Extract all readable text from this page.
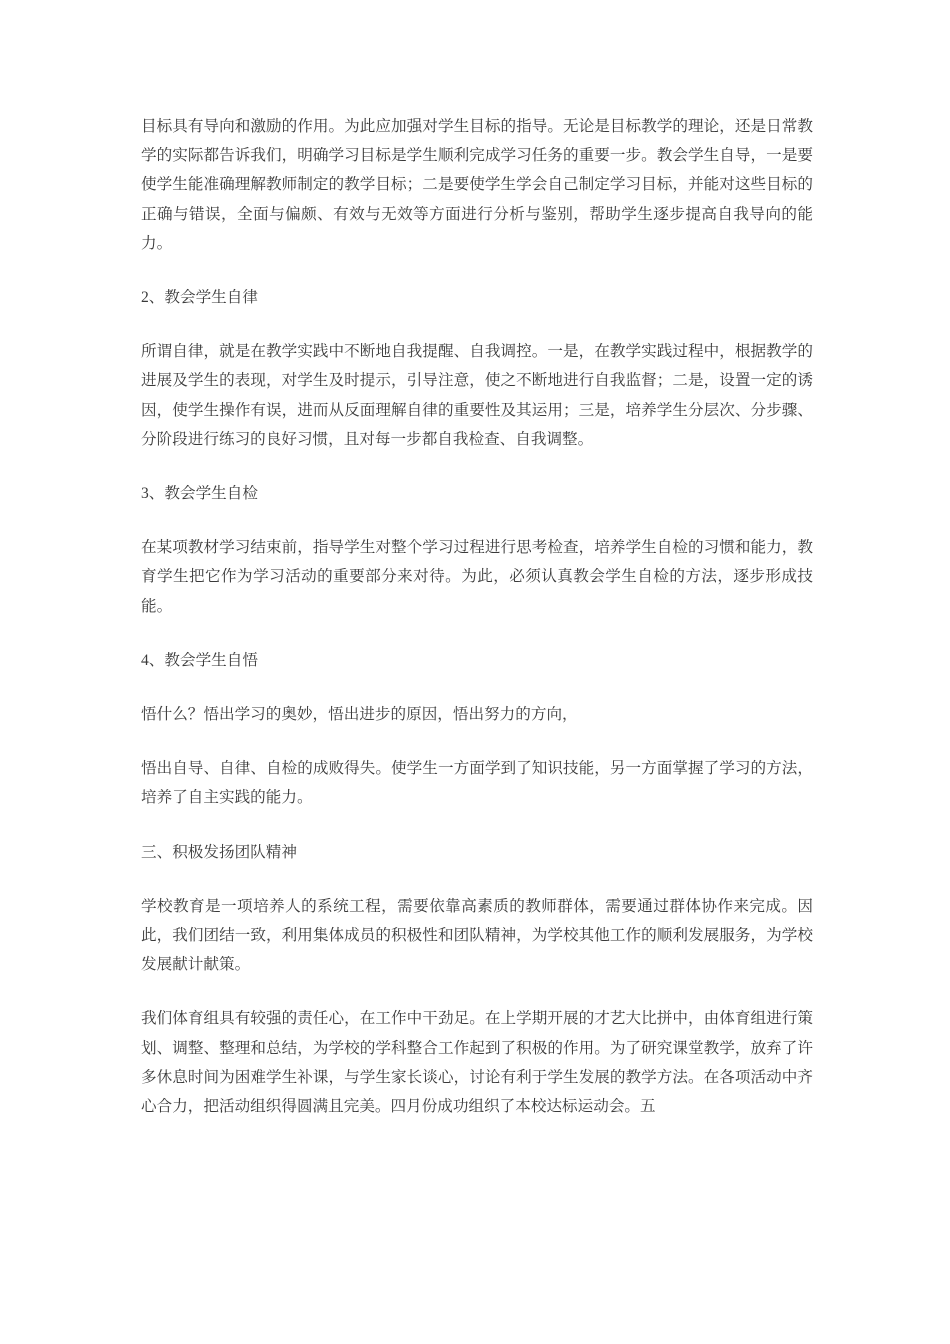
目标具有导向和激励的作用。为此应加强对学生目标的指导。无论是目标教学的理论，还是日常教学的实际都告诉我们，明确学习目标是学生顺利完成学习任务的重要一步。教会学生自导，一是要使学生能准确理解教师制定的教学目标；二是要使学生学会自己制定学习目标，并能对这些目标的正确与错误，全面与偏颇、有效与无效等方面进行分析与鉴别，帮助学生逐步提高自我导向的能力。

2、教会学生自律

所谓自律，就是在教学实践中不断地自我提醒、自我调控。一是，在教学实践过程中，根据教学的进展及学生的表现，对学生及时提示，引导注意，使之不断地进行自我监督；二是，设置一定的诱因，使学生操作有误，进而从反面理解自律的重要性及其运用；三是，培养学生分层次、分步骤、分阶段进行练习的良好习惯，且对每一步都自我检查、自我调整。

3、教会学生自检

在某项教材学习结束前，指导学生对整个学习过程进行思考检查，培养学生自检的习惯和能力，教育学生把它作为学习活动的重要部分来对待。为此，必须认真教会学生自检的方法，逐步形成技能。

4、教会学生自悟

悟什么？悟出学习的奥妙，悟出进步的原因，悟出努力的方向，

悟出自导、自律、自检的成败得失。使学生一方面学到了知识技能，另一方面掌握了学习的方法，培养了自主实践的能力。

三、积极发扬团队精神

学校教育是一项培养人的系统工程，需要依靠高素质的教师群体，需要通过群体协作来完成。因此，我们团结一致，利用集体成员的积极性和团队精神，为学校其他工作的顺利发展服务，为学校发展献计献策。

我们体育组具有较强的责任心，在工作中干劲足。在上学期开展的才艺大比拼中，由体育组进行策划、调整、整理和总结，为学校的学科整合工作起到了积极的作用。为了研究课堂教学，放弃了许多休息时间为困难学生补课，与学生家长谈心，讨论有利于学生发展的教学方法。在各项活动中齐心合力，把活动组织得圆满且完美。四月份成功组织了本校达标运动会。五
